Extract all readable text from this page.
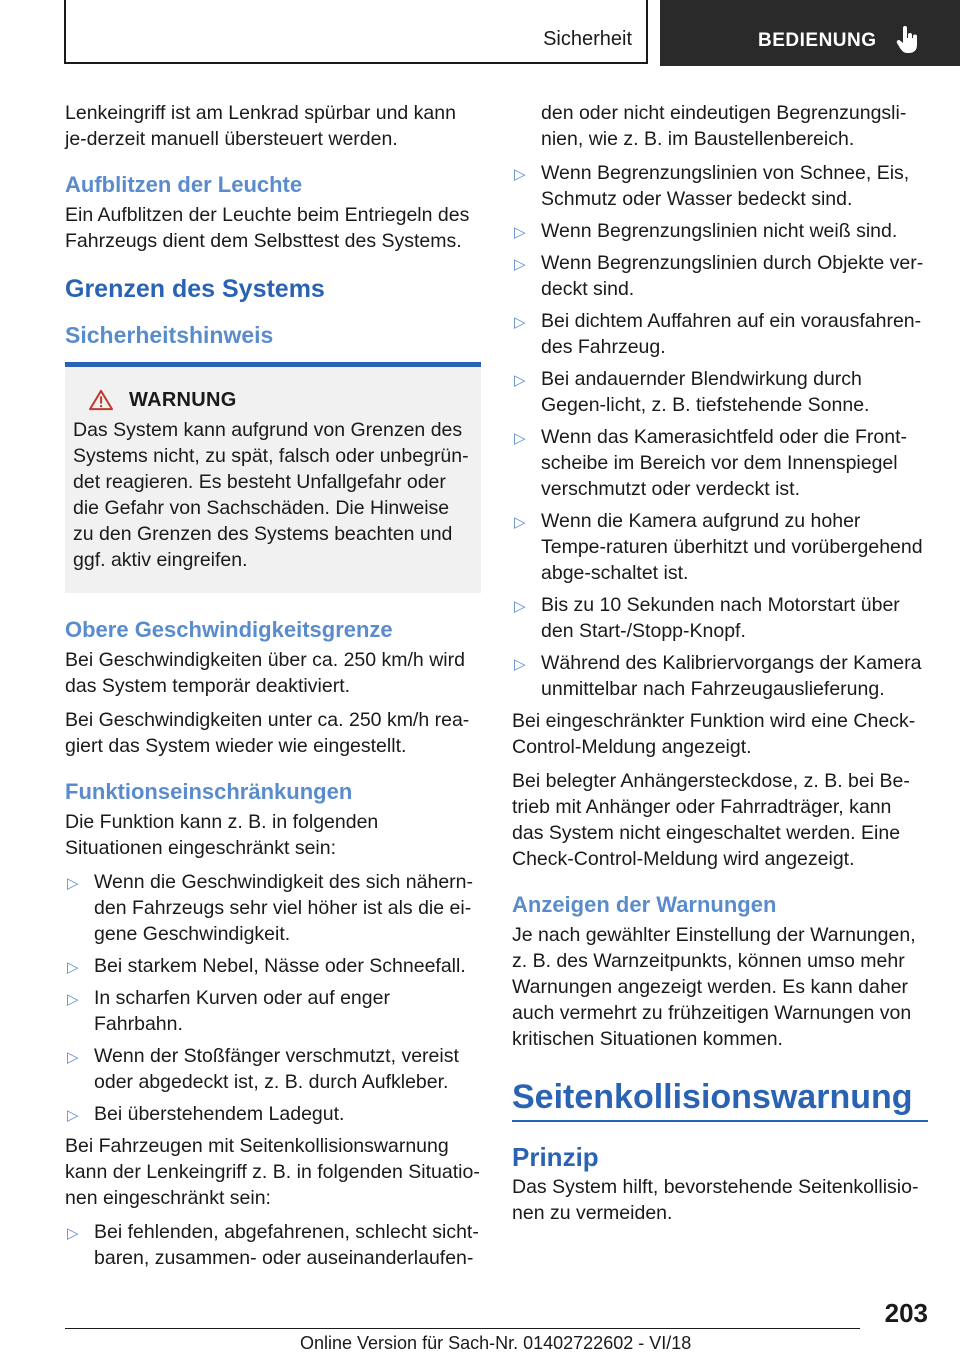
Sicherheit	BEDIENUNG

Lenkeingriff ist am Lenkrad spürbar und kann je-derzeit manuell übersteuert werden.

Aufblitzen der Leuchte

Ein Aufblitzen der Leuchte beim Entriegeln des Fahrzeugs dient dem Selbsttest des Systems.

Grenzen des Systems
Sicherheitshinweis
WARNUNG

Das System kann aufgrund von Grenzen des Systems nicht, zu spät, falsch oder unbegrün-det reagieren. Es besteht Unfallgefahr oder die Gefahr von Sachschäden. Die Hinweise zu den Grenzen des Systems beachten und ggf. aktiv eingreifen.

Obere Geschwindigkeitsgrenze

Bei Geschwindigkeiten über ca. 250 km/h wird das System temporär deaktiviert.

Bei Geschwindigkeiten unter ca. 250 km/h rea-giert das System wieder wie eingestellt.

Funktionseinschränkungen

Die Funktion kann z. B. in folgenden Situationen eingeschränkt sein:

▷ Wenn die Geschwindigkeit des sich nähern-den Fahrzeugs sehr viel höher ist als die ei-gene Geschwindigkeit.
▷ Bei starkem Nebel, Nässe oder Schneefall.
▷ In scharfen Kurven oder auf enger Fahrbahn.
▷ Wenn der Stoßfänger verschmutzt, vereist oder abgedeckt ist, z. B. durch Aufkleber.
▷ Bei überstehendem Ladegut.

Bei Fahrzeugen mit Seitenkollisionswarnung kann der Lenkeingriff z. B. in folgenden Situatio-nen eingeschränkt sein:

▷ Bei fehlenden, abgefahrenen, schlecht sicht-baren, zusammen- oder auseinanderlaufen-
den oder nicht eindeutigen Begrenzungsli-nien, wie z. B. im Baustellenbereich.
▷ Wenn Begrenzungslinien von Schnee, Eis, Schmutz oder Wasser bedeckt sind.
▷ Wenn Begrenzungslinien nicht weiß sind.
▷ Wenn Begrenzungslinien durch Objekte ver-deckt sind.
▷ Bei dichtem Auffahren auf ein vorausfahren-des Fahrzeug.
▷ Bei andauernder Blendwirkung durch Gegen-licht, z. B. tiefstehende Sonne.
▷ Wenn das Kamerasichtfeld oder die Front-scheibe im Bereich vor dem Innenspiegel verschmutzt oder verdeckt ist.
▷ Wenn die Kamera aufgrund zu hoher Tempe-raturen überhitzt und vorübergehend abge-schaltet ist.
▷ Bis zu 10 Sekunden nach Motorstart über den Start-/Stopp-Knopf.
▷ Während des Kalibriervorgangs der Kamera unmittelbar nach Fahrzeugauslieferung.

Bei eingeschränkter Funktion wird eine Check-Control-Meldung angezeigt.

Bei belegter Anhängersteckdose, z. B. bei Be-trieb mit Anhänger oder Fahrradträger, kann das System nicht eingeschaltet werden. Eine Check-Control-Meldung wird angezeigt.

Anzeigen der Warnungen

Je nach gewählter Einstellung der Warnungen, z. B. des Warnzeitpunkts, können umso mehr Warnungen angezeigt werden. Es kann daher auch vermehrt zu frühzeitigen Warnungen von kritischen Situationen kommen.

Seitenkollisionswarnung
Prinzip

Das System hilft, bevorstehende Seitenkollisio-nen zu vermeiden.

203
Online Version für Sach-Nr. 01402722602 - VI/18
